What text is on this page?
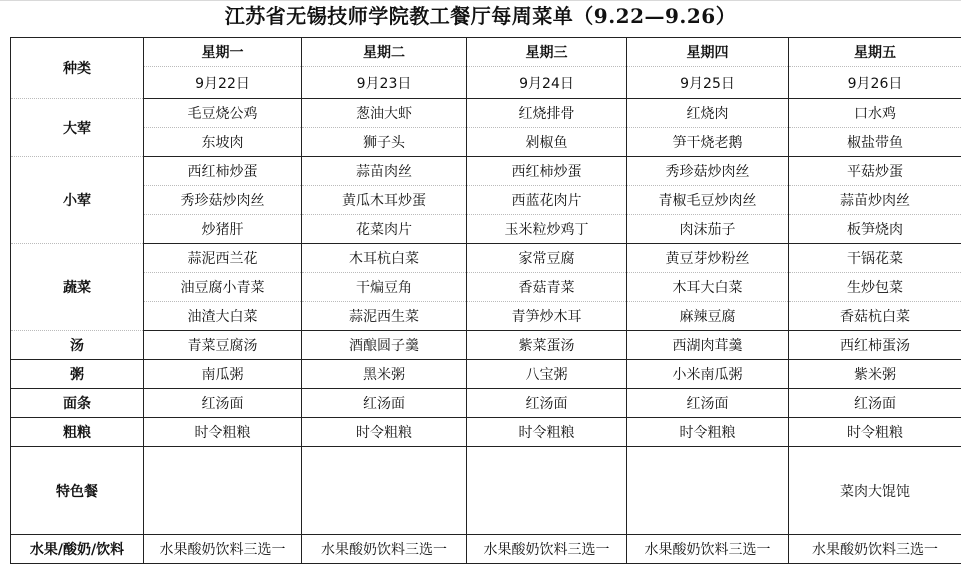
江苏省无锡技师学院教工餐厅每周菜单（9.22—9.26）
种类	星期一	星期二	星期三	星期四	星期五
	9月22日	9月23日	9月24日	9月25日	9月26日
大荤	毛豆烧公鸡	葱油大虾	红烧排骨	红烧肉	口水鸡
	东坡肉	狮子头	剁椒鱼	笋干烧老鹅	椒盐带鱼
小荤	西红柿炒蛋	蒜苗肉丝	西红柿炒蛋	秀珍菇炒肉丝	平菇炒蛋
	秀珍菇炒肉丝	黄瓜木耳炒蛋	西蓝花肉片	青椒毛豆炒肉丝	蒜苗炒肉丝
	炒猪肝	花菜肉片	玉米粒炒鸡丁	肉沫茄子	板笋烧肉
蔬菜	蒜泥西兰花	木耳杭白菜	家常豆腐	黄豆芽炒粉丝	干锅花菜
	油豆腐小青菜	干煸豆角	香菇青菜	木耳大白菜	生炒包菜
	油渣大白菜	蒜泥西生菜	青笋炒木耳	麻辣豆腐	香菇杭白菜
汤	青菜豆腐汤	酒酿圆子羹	紫菜蛋汤	西湖肉茸羹	西红柿蛋汤
粥	南瓜粥	黑米粥	八宝粥	小米南瓜粥	紫米粥
面条	红汤面	红汤面	红汤面	红汤面	红汤面
粗粮	时令粗粮	时令粗粮	时令粗粮	时令粗粮	时令粗粮
特色餐					菜肉大馄饨
水果/酸奶/饮料	水果酸奶饮料三选一	水果酸奶饮料三选一	水果酸奶饮料三选一	水果酸奶饮料三选一	水果酸奶饮料三选一
